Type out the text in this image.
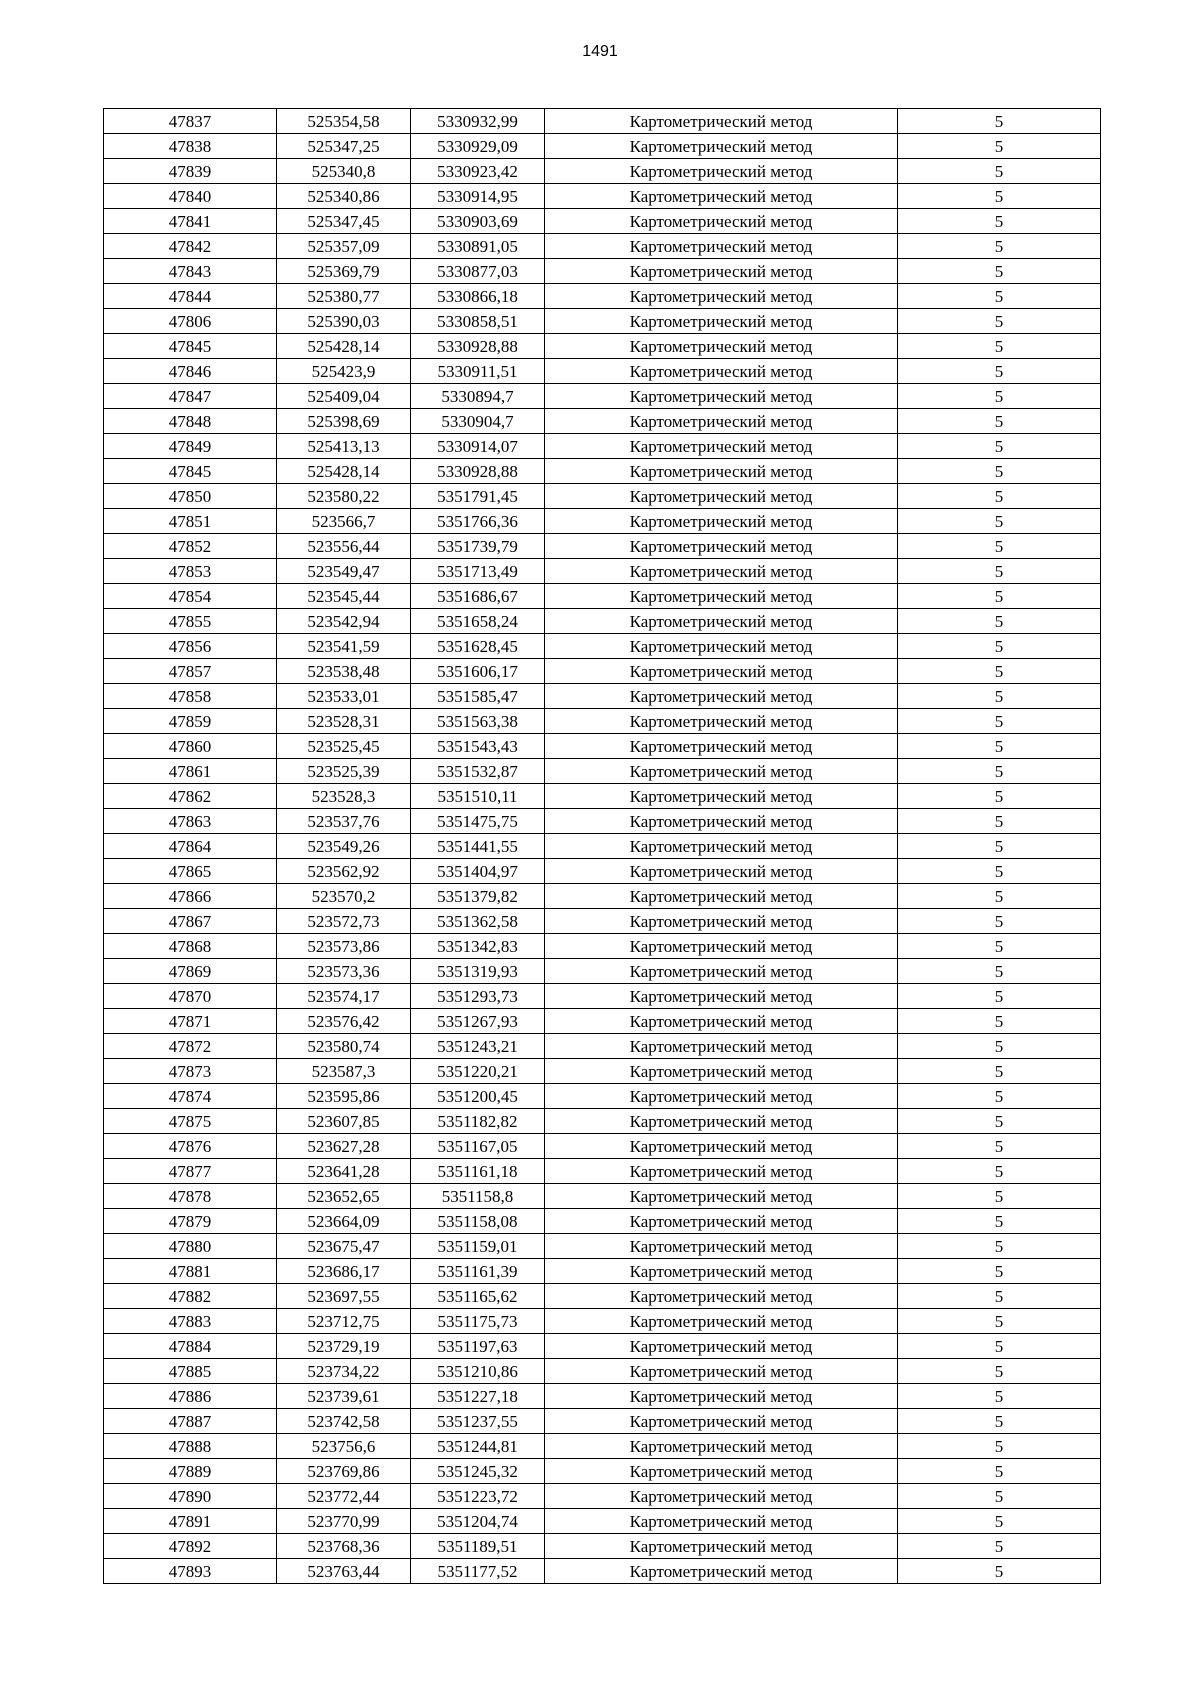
1491
47837	525354,58	5330932,99	Картометрический метод	5
47838	525347,25	5330929,09	Картометрический метод	5
47839	525340,8	5330923,42	Картометрический метод	5
47840	525340,86	5330914,95	Картометрический метод	5
47841	525347,45	5330903,69	Картометрический метод	5
47842	525357,09	5330891,05	Картометрический метод	5
47843	525369,79	5330877,03	Картометрический метод	5
47844	525380,77	5330866,18	Картометрический метод	5
47806	525390,03	5330858,51	Картометрический метод	5
47845	525428,14	5330928,88	Картометрический метод	5
47846	525423,9	5330911,51	Картометрический метод	5
47847	525409,04	5330894,7	Картометрический метод	5
47848	525398,69	5330904,7	Картометрический метод	5
47849	525413,13	5330914,07	Картометрический метод	5
47845	525428,14	5330928,88	Картометрический метод	5
47850	523580,22	5351791,45	Картометрический метод	5
47851	523566,7	5351766,36	Картометрический метод	5
47852	523556,44	5351739,79	Картометрический метод	5
47853	523549,47	5351713,49	Картометрический метод	5
47854	523545,44	5351686,67	Картометрический метод	5
47855	523542,94	5351658,24	Картометрический метод	5
47856	523541,59	5351628,45	Картометрический метод	5
47857	523538,48	5351606,17	Картометрический метод	5
47858	523533,01	5351585,47	Картометрический метод	5
47859	523528,31	5351563,38	Картометрический метод	5
47860	523525,45	5351543,43	Картометрический метод	5
47861	523525,39	5351532,87	Картометрический метод	5
47862	523528,3	5351510,11	Картометрический метод	5
47863	523537,76	5351475,75	Картометрический метод	5
47864	523549,26	5351441,55	Картометрический метод	5
47865	523562,92	5351404,97	Картометрический метод	5
47866	523570,2	5351379,82	Картометрический метод	5
47867	523572,73	5351362,58	Картометрический метод	5
47868	523573,86	5351342,83	Картометрический метод	5
47869	523573,36	5351319,93	Картометрический метод	5
47870	523574,17	5351293,73	Картометрический метод	5
47871	523576,42	5351267,93	Картометрический метод	5
47872	523580,74	5351243,21	Картометрический метод	5
47873	523587,3	5351220,21	Картометрический метод	5
47874	523595,86	5351200,45	Картометрический метод	5
47875	523607,85	5351182,82	Картометрический метод	5
47876	523627,28	5351167,05	Картометрический метод	5
47877	523641,28	5351161,18	Картометрический метод	5
47878	523652,65	5351158,8	Картометрический метод	5
47879	523664,09	5351158,08	Картометрический метод	5
47880	523675,47	5351159,01	Картометрический метод	5
47881	523686,17	5351161,39	Картометрический метод	5
47882	523697,55	5351165,62	Картометрический метод	5
47883	523712,75	5351175,73	Картометрический метод	5
47884	523729,19	5351197,63	Картометрический метод	5
47885	523734,22	5351210,86	Картометрический метод	5
47886	523739,61	5351227,18	Картометрический метод	5
47887	523742,58	5351237,55	Картометрический метод	5
47888	523756,6	5351244,81	Картометрический метод	5
47889	523769,86	5351245,32	Картометрический метод	5
47890	523772,44	5351223,72	Картометрический метод	5
47891	523770,99	5351204,74	Картометрический метод	5
47892	523768,36	5351189,51	Картометрический метод	5
47893	523763,44	5351177,52	Картометрический метод	5
